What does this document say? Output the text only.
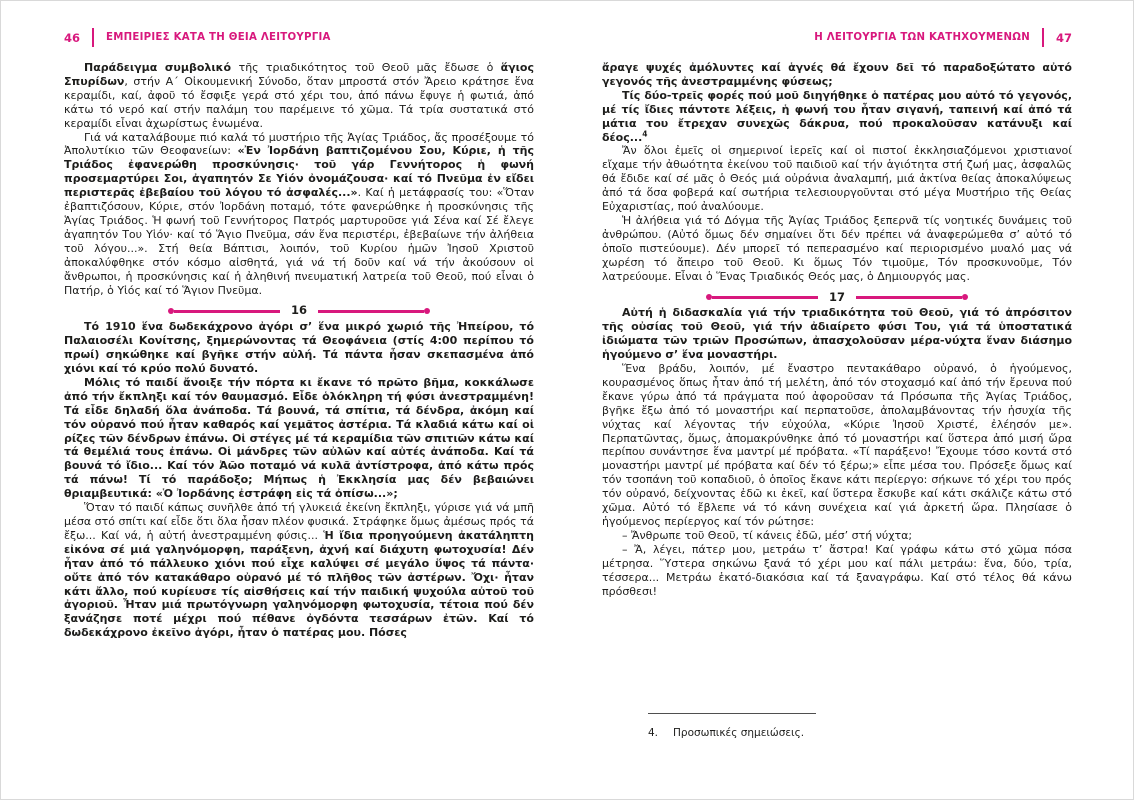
46	ΕΜΠΕΙΡΙΕΣ ΚΑΤΑ ΤΗ ΘΕΙΑ ΛΕΙΤΟΥΡΓΙΑ

Παράδειγμα συμβολικό τῆς τριαδικότητος τοῦ Θεοῦ μᾶς ἔδωσε ὁ ἅγιος Σπυρίδων, στήν Α´ Οἰκουμενική Σύνοδο, ὅταν μπροστά στόν Ἄρειο κράτησε ἕνα κεραμίδι, καί, ἀφοῦ τό ἔσφιξε γερά στό χέρι του, ἀπό πάνω ἔφυγε ἡ φωτιά, ἀπό κάτω τό νερό καί στήν παλάμη του παρέμεινε τό χῶμα. Τά τρία συστατικά στό κεραμίδι εἶναι ἀχωρίστως ἑνωμένα.

Γιά νά καταλάβουμε πιό καλά τό μυστήριο τῆς Ἁγίας Τριάδος, ἄς προσέξουμε τό Ἀπολυτίκιο τῶν Θεοφανείων: «Ἐν Ἰορδάνη βαπτιζομένου Σου, Κύριε, ἡ τῆς Τριάδος ἐφανερώθη προσκύνησις· τοῦ γάρ Γεννήτορος ἡ φωνή προσεμαρτύρει Σοι, ἀγαπητόν Σε Υἱόν ὀνομάζουσα· καί τό Πνεῦμα ἐν εἴδει περιστερᾶς ἐβεβαίου τοῦ λόγου τό ἀσφαλές...». Καί ἡ μετάφρασίς του: «Ὅταν ἐβαπτιζόσουν, Κύριε, στόν Ἰορδάνη ποταμό, τότε φανερώθηκε ἡ προσκύνησις τῆς Ἁγίας Τριάδος. Ἡ φωνή τοῦ Γεννήτορος Πατρός μαρτυροῦσε γιά Σένα καί Σέ ἔλεγε ἀγαπητόν Του Υἱόν· καί τό Ἅγιο Πνεῦμα, σάν ἕνα περιστέρι, ἐβεβαίωνε τήν ἀλήθεια τοῦ λόγου...». Στή θεία Βάπτισι, λοιπόν, τοῦ Κυρίου ἡμῶν Ἰησοῦ Χριστοῦ ἀποκαλύφθηκε στόν κόσμο αἰσθητά, γιά νά τή δοῦν καί νά τήν ἀκούσουν οἱ ἄνθρωποι, ἡ προσκύνησις καί ἡ ἀληθινή πνευματική λατρεία τοῦ Θεοῦ, πού εἶναι ὁ Πατήρ, ὁ Υἱός καί τό Ἅγιον Πνεῦμα.

16

Τό 1910 ἕνα δωδεκάχρονο ἀγόρι σ’ ἕνα μικρό χωριό τῆς Ἠπείρου, τό Παλαιοσέλι Κονίτσης, ξημερώνοντας τά Θεοφάνεια (στίς 4:00 περίπου τό πρωί) σηκώθηκε καί βγῆκε στήν αὐλή. Τά πάντα ἦσαν σκεπασμένα ἀπό χιόνι καί τό κρύο πολύ δυνατό.

Μόλις τό παιδί ἄνοιξε τήν πόρτα κι ἔκανε τό πρῶτο βῆμα, κοκκάλωσε ἀπό τήν ἔκπληξι καί τόν θαυμασμό. Εἶδε ὁλόκληρη τή φύσι ἀνεστραμμένη! Τά εἶδε δηλαδή ὅλα ἀνάποδα. Τά βουνά, τά σπίτια, τά δένδρα, ἀκόμη καί τόν οὐρανό πού ἦταν καθαρός καί γεμᾶτος ἀστέρια. Τά κλαδιά κάτω καί οἱ ρίζες τῶν δένδρων ἐπάνω. Οἱ στέγες μέ τά κεραμίδια τῶν σπιτιῶν κάτω καί τά θεμέλιά τους ἐπάνω. Οἱ μάνδρες τῶν αὐλῶν καί αὐτές ἀνάποδα. Καί τά βουνά τό ἴδιο... Καί τόν Ἀῶο ποταμό νά κυλᾶ ἀντίστροφα, ἀπό κάτω πρός τά πάνω! Τί τό παράδοξο; Μήπως ἡ Ἐκκλησία μας δέν βεβαιώνει θριαμβευτικά: «Ὁ Ἰορδάνης ἐστράφη εἰς τά ὀπίσω...»;

Ὅταν τό παιδί κάπως συνῆλθε ἀπό τή γλυκειά ἐκείνη ἔκπληξι, γύρισε γιά νά μπῆ μέσα στό σπίτι καί εἶδε ὅτι ὅλα ἦσαν πλέον φυσικά. Στράφηκε ὅμως ἀμέσως πρός τά ἔξω... Καί νά, ἡ αὐτή ἀνεστραμμένη φύσις... Ἡ ἴδια προηγούμενη ἀκατάληπτη εἰκόνα σέ μιά γαληνόμορφη, παράξενη, ἀχνή καί διάχυτη φωτοχυσία! Δέν ἦταν ἀπό τό πάλλευκο χιόνι πού εἶχε καλύψει σέ μεγάλο ὕψος τά πάντα· οὔτε ἀπό τόν κατακάθαρο οὐρανό μέ τό πλῆθος τῶν ἀστέρων. Ὄχι· ἦταν κάτι ἄλλο, πού κυρίευσε τίς αἰσθήσεις καί τήν παιδική ψυχούλα αὐτοῦ τοῦ ἀγοριοῦ. Ἦταν μιά πρωτόγνωρη γαληνόμορφη φωτοχυσία, τέτοια πού δέν ξανάζησε ποτέ μέχρι πού πέθανε ὀγδόντα τεσσάρων ἐτῶν. Καί τό δωδεκάχρονο ἐκεῖνο ἀγόρι, ἦταν ὁ πατέρας μου. Πόσες

Η ΛΕΙΤΟΥΡΓΙΑ ΤΩΝ ΚΑΤΗΧΟΥΜΕΝΩΝ 47

ἄραγε ψυχές ἀμόλυντες καί ἁγνές θά ἔχουν δεῖ τό παραδοξώτατο αὐτό γεγονός τῆς ἀνεστραμμένης φύσεως;

Τίς δύο-τρεῖς φορές πού μοῦ διηγήθηκε ὁ πατέρας μου αὐτό τό γεγονός, μέ τίς ἴδιες πάντοτε λέξεις, ἡ φωνή του ἦταν σιγανή, ταπεινή καί ἀπό τά μάτια του ἔτρεχαν συνεχῶς δάκρυα, πού προκαλοῦσαν κατάνυξι καί δέος...$^4$

Ἄν ὅλοι ἐμεῖς οἱ σημερινοί ἱερεῖς καί οἱ πιστοί ἐκκλησιαζόμενοι χριστιανοί εἴχαμε τήν ἀθωότητα ἐκείνου τοῦ παιδιοῦ καί τήν ἁγιότητα στή ζωή μας, ἀσφαλῶς θά ἔδιδε καί σέ μᾶς ὁ Θεός μιά οὐράνια ἀναλαμπή, μιά ἀκτίνα θείας ἀποκαλύψεως ἀπό τά ὅσα φοβερά καί σωτήρια τελεσιουργοῦνται στό μέγα Μυστήριο τῆς Θείας Εὐχαριστίας, πού ἀναλύουμε.

Ἡ ἀλήθεια γιά τό Δόγμα τῆς Ἁγίας Τριάδος ξεπερνᾶ τίς νοητικές δυνάμεις τοῦ ἀνθρώπου. (Αὐτό ὅμως δέν σημαίνει ὅτι δέν πρέπει νά ἀναφερώμεθα σ’ αὐτό τό ὁποῖο πιστεύουμε). Δέν μπορεῖ τό πεπερασμένο καί περιορισμένο μυαλό μας νά χωρέση τό ἄπειρο τοῦ Θεοῦ. Κι ὅμως Τόν τιμοῦμε, Τόν προσκυνοῦμε, Τόν λατρεύουμε. Εἶναι ὁ Ἕνας Τριαδικός Θεός μας, ὁ Δημιουργός μας.

17

Αὐτή ἡ διδασκαλία γιά τήν τριαδικότητα τοῦ Θεοῦ, γιά τό ἀπρόσιτον τῆς οὐσίας τοῦ Θεοῦ, γιά τήν ἀδιαίρετο φύσι Του, γιά τά ὑποστατικά ἰδιώματα τῶν τριῶν Προσώπων, ἀπασχολοῦσαν μέρα-νύχτα ἕναν διάσημο ἡγούμενο σ’ ἕνα μοναστήρι.

Ἕνα βράδυ, λοιπόν, μέ ἔναστρο πεντακάθαρο οὐρανό, ὁ ἡγούμενος, κουρασμένος ὅπως ἦταν ἀπό τή μελέτη, ἀπό τόν στοχασμό καί ἀπό τήν ἔρευνα πού ἔκανε γύρω ἀπό τά πράγματα πού ἀφοροῦσαν τά Πρόσωπα τῆς Ἁγίας Τριάδος, βγῆκε ἔξω ἀπό τό μοναστήρι καί περπατοῦσε, ἀπολαμβάνοντας τήν ἡσυχία τῆς νύχτας καί λέγοντας τήν εὐχούλα, «Κύριε Ἰησοῦ Χριστέ, ἐλέησόν με». Περπατῶντας, ὅμως, ἀπομακρύνθηκε ἀπό τό μοναστήρι καί ὕστερα ἀπό μισή ὥρα περίπου συνάντησε ἕνα μαντρί μέ πρόβατα. «Τί παράξενο! Ἔχουμε τόσο κοντά στό μοναστήρι μαντρί μέ πρόβατα καί δέν τό ξέρω;» εἶπε μέσα του. Πρόσεξε ὅμως καί τόν τσοπάνη τοῦ κοπαδιοῦ, ὁ ὁποῖος ἔκανε κάτι περίεργο: σήκωνε τό χέρι του πρός τόν οὐρανό, δείχνοντας ἐδῶ κι ἐκεῖ, καί ὕστερα ἔσκυβε καί κάτι σκάλιζε κάτω στό χῶμα. Αὐτό τό ἔβλεπε νά τό κάνη συνέχεια καί γιά ἀρκετή ὥρα. Πλησίασε ὁ ἡγούμενος περίεργος καί τόν ρώτησε:

– Ἄνθρωπε τοῦ Θεοῦ, τί κάνεις ἐδῶ, μέσ’ στή νύχτα;

– Ἄ, λέγει, πάτερ μου, μετράω τ’ ἄστρα! Καί γράφω κάτω στό χῶμα πόσα μέτρησα. Ὕστερα σηκώνω ξανά τό χέρι μου καί πάλι μετράω: ἕνα, δύο, τρία, τέσσερα... Μετράω ἑκατό-διακόσια καί τά ξαναγράφω. Καί στό τέλος θά κάνω πρόσθεσι!

4. Προσωπικές σημειώσεις.
